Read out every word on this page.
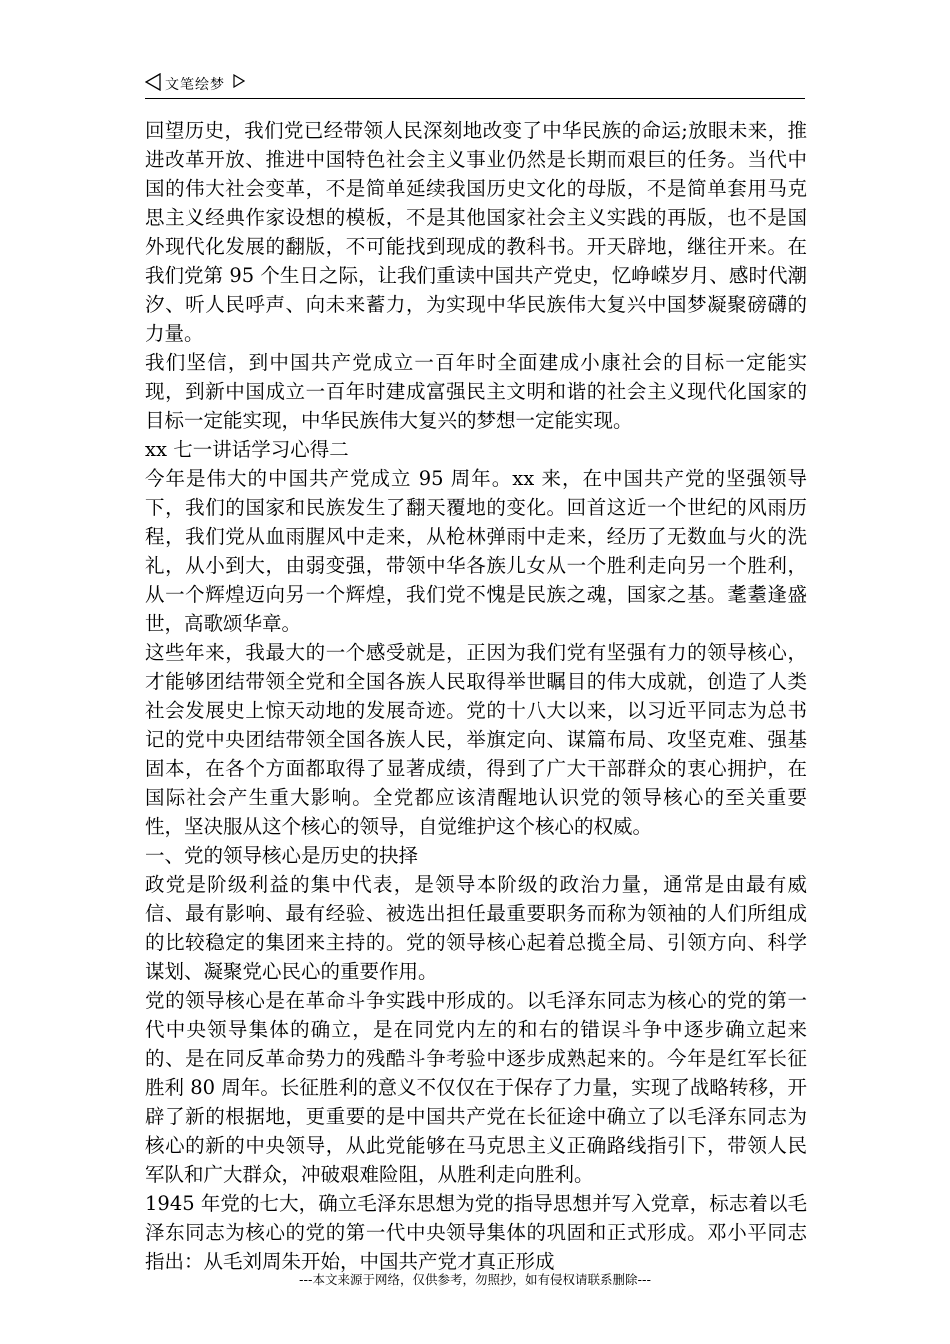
文笔绘梦

回望历史，我们党已经带领人民深刻地改变了中华民族的命运;放眼未来，推进改革开放、推进中国特色社会主义事业仍然是长期而艰巨的任务。当代中国的伟大社会变革，不是简单延续我国历史文化的母版，不是简单套用马克思主义经典作家设想的模板，不是其他国家社会主义实践的再版，也不是国外现代化发展的翻版，不可能找到现成的教科书。开天辟地，继往开来。在我们党第 95 个生日之际，让我们重读中国共产党史，忆峥嵘岁月、感时代潮汐、听人民呼声、向未来蓄力，为实现中华民族伟大复兴中国梦凝聚磅礴的力量。

我们坚信，到中国共产党成立一百年时全面建成小康社会的目标一定能实现，到新中国成立一百年时建成富强民主文明和谐的社会主义现代化国家的目标一定能实现，中华民族伟大复兴的梦想一定能实现。

xx 七一讲话学习心得二

今年是伟大的中国共产党成立 95 周年。xx 来，在中国共产党的坚强领导下，我们的国家和民族发生了翻天覆地的变化。回首这近一个世纪的风雨历程，我们党从血雨腥风中走来，从枪林弹雨中走来，经历了无数血与火的洗礼，从小到大，由弱变强，带领中华各族儿女从一个胜利走向另一个胜利，从一个辉煌迈向另一个辉煌，我们党不愧是民族之魂，国家之基。耄耋逢盛世，高歌颂华章。

这些年来，我最大的一个感受就是，正因为我们党有坚强有力的领导核心，才能够团结带领全党和全国各族人民取得举世瞩目的伟大成就，创造了人类社会发展史上惊天动地的发展奇迹。党的十八大以来，以习近平同志为总书记的党中央团结带领全国各族人民，举旗定向、谋篇布局、攻坚克难、强基固本，在各个方面都取得了显著成绩，得到了广大干部群众的衷心拥护，在国际社会产生重大影响。全党都应该清醒地认识党的领导核心的至关重要性，坚决服从这个核心的领导，自觉维护这个核心的权威。

一、党的领导核心是历史的抉择

政党是阶级利益的集中代表，是领导本阶级的政治力量，通常是由最有威信、最有影响、最有经验、被选出担任最重要职务而称为领袖的人们所组成的比较稳定的集团来主持的。党的领导核心起着总揽全局、引领方向、科学谋划、凝聚党心民心的重要作用。

党的领导核心是在革命斗争实践中形成的。以毛泽东同志为核心的党的第一代中央领导集体的确立，是在同党内左的和右的错误斗争中逐步确立起来的、是在同反革命势力的残酷斗争考验中逐步成熟起来的。今年是红军长征胜利 80 周年。长征胜利的意义不仅仅在于保存了力量，实现了战略转移，开辟了新的根据地，更重要的是中国共产党在长征途中确立了以毛泽东同志为核心的新的中央领导，从此党能够在马克思主义正确路线指引下，带领人民军队和广大群众，冲破艰难险阻，从胜利走向胜利。

1945 年党的七大，确立毛泽东思想为党的指导思想并写入党章，标志着以毛泽东同志为核心的党的第一代中央领导集体的巩固和正式形成。邓小平同志指出：从毛刘周朱开始，中国共产党才真正形成

---本文来源于网络，仅供参考，勿照抄，如有侵权请联系删除---
